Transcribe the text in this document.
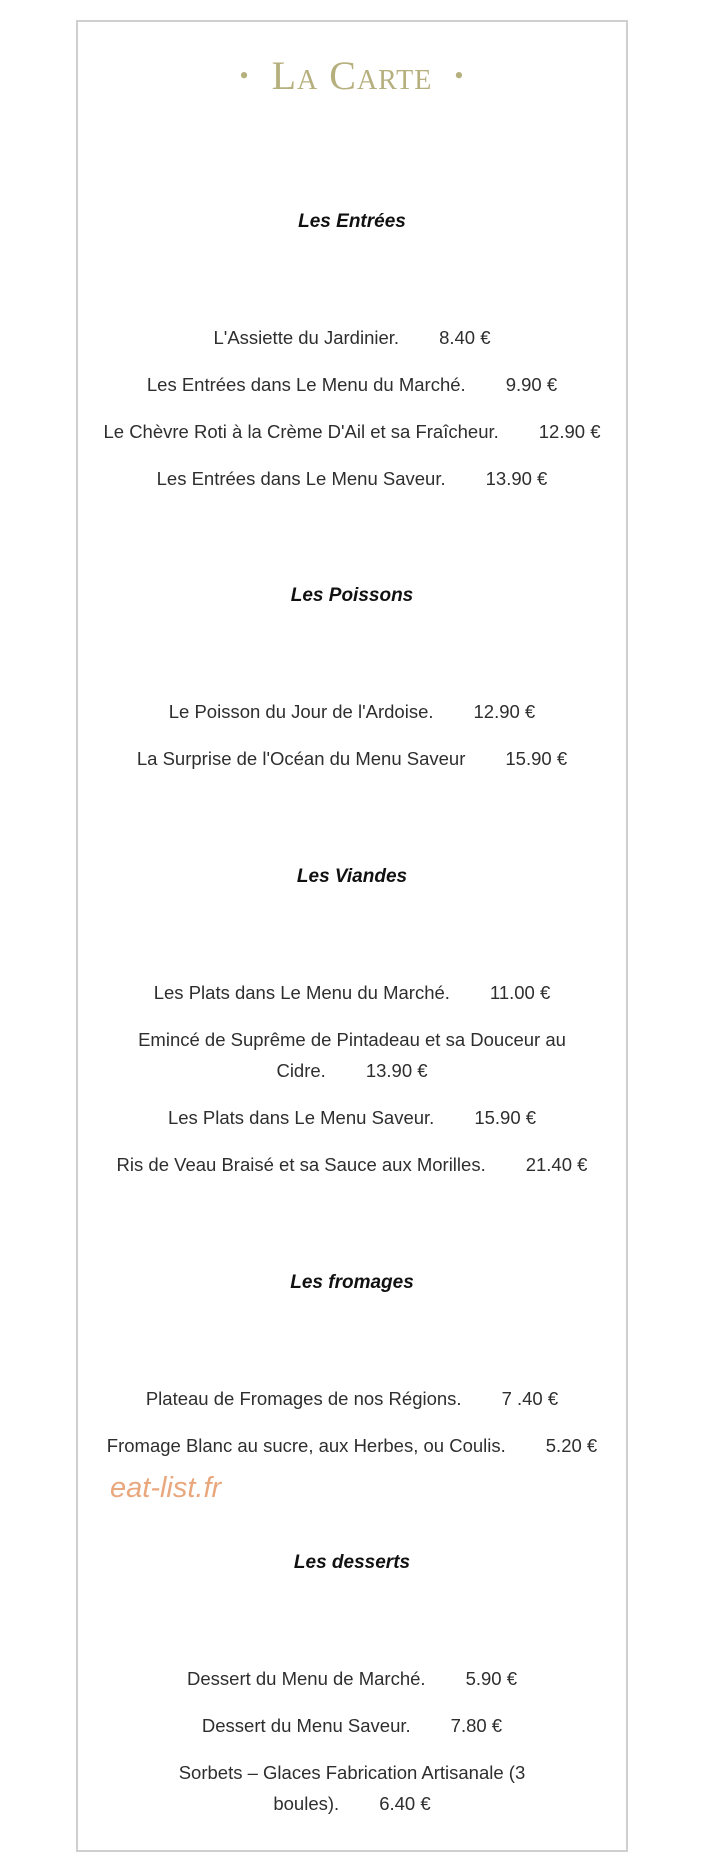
• La Carte •
Les Entrées
L'Assiette du Jardinier. 8.40 €
Les Entrées dans Le Menu du Marché. 9.90 €
Le Chèvre Roti à la Crème D'Ail et sa Fraîcheur. 12.90 €
Les Entrées dans Le Menu Saveur. 13.90 €
Les Poissons
Le Poisson du Jour de l'Ardoise. 12.90 €
La Surprise de l'Océan du Menu Saveur 15.90 €
Les Viandes
Les Plats dans Le Menu du Marché. 11.00 €
Emincé de Suprême de Pintadeau et sa Douceur au Cidre. 13.90 €
Les Plats dans Le Menu Saveur. 15.90 €
Ris de Veau Braisé et sa Sauce aux Morilles. 21.40 €
Les fromages
Plateau de Fromages de nos Régions. 7 .40 €
Fromage Blanc au sucre, aux Herbes, ou Coulis. 5.20 €
eat-list.fr
Les desserts
Dessert du Menu de Marché. 5.90 €
Dessert du Menu Saveur. 7.80 €
Sorbets – Glaces Fabrication Artisanale (3 boules). 6.40 €
